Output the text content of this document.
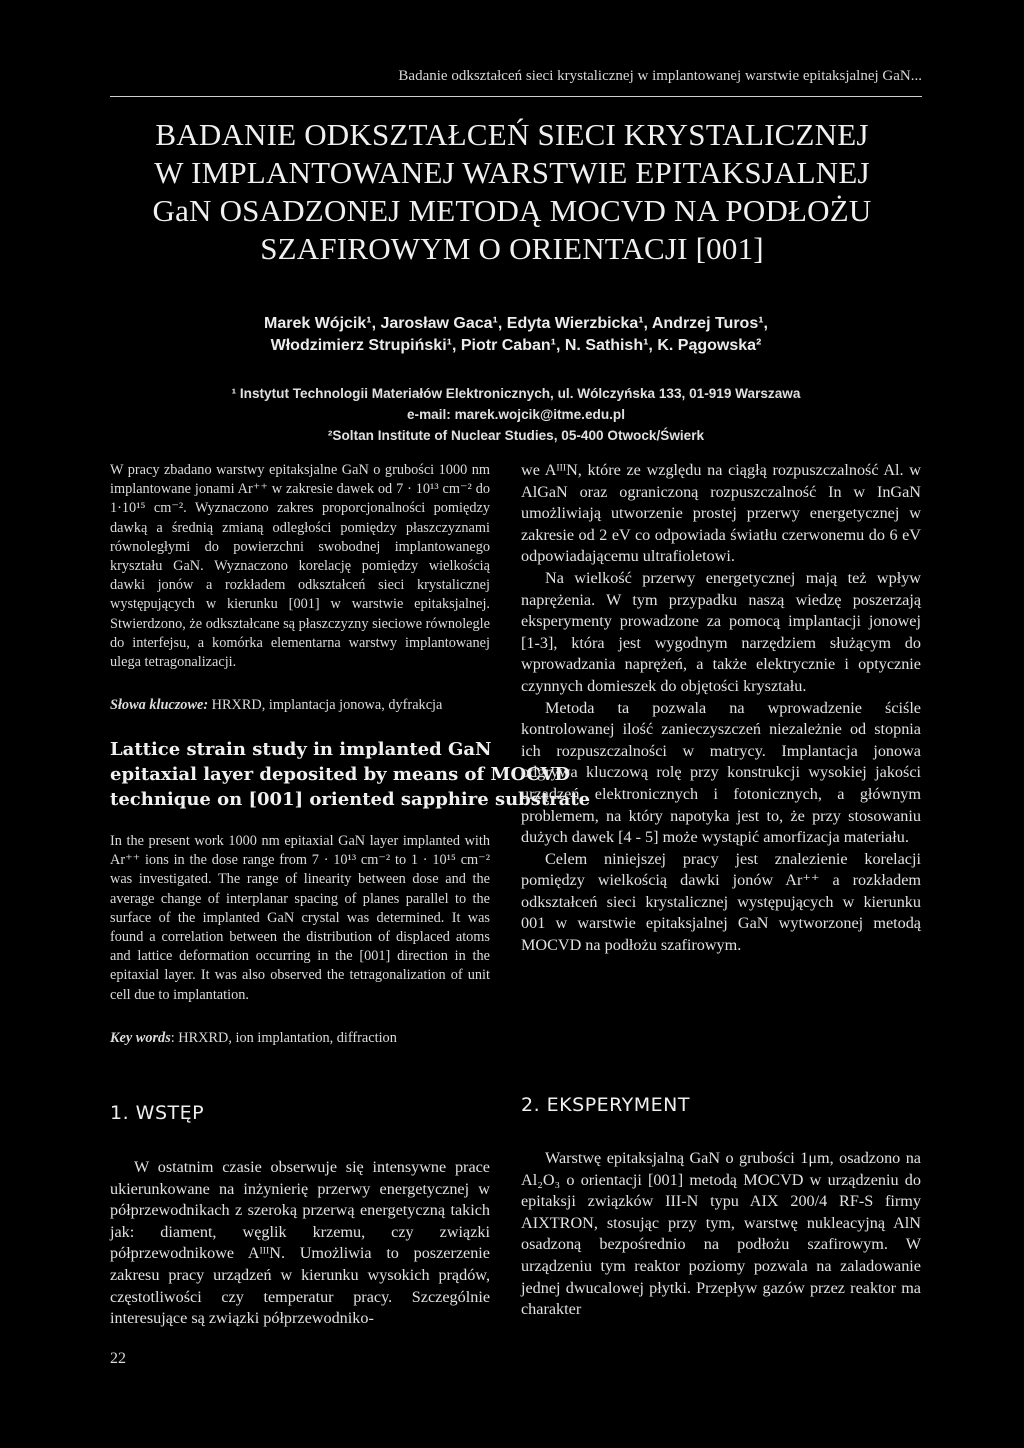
Badanie odkształceń sieci krystalicznej w implantowanej warstwie epitaksjalnej GaN...
BADANIE ODKSZTAŁCEŃ SIECI KRYSTALICZNEJ
W IMPLANTOWANEJ WARSTWIE EPITAKSJALNEJ
GaN OSADZONEJ METODĄ MOCVD NA PODŁOŻU
SZAFIROWYM O ORIENTACJI [001]
Marek Wójcik¹, Jarosław Gaca¹, Edyta Wierzbicka¹, Andrzej Turos¹,
Włodzimierz Strupiński¹, Piotr Caban¹, N. Sathish¹, K. Pągowska²
¹ Instytut Technologii Materiałów Elektronicznych, ul. Wólczyńska 133, 01-919 Warszawa
e-mail: marek.wojcik@itme.edu.pl
²Soltan Institute of Nuclear Studies, 05-400 Otwock/Świerk
W pracy zbadano warstwy epitaksjalne GaN o grubości 1000 nm implantowane jonami Ar⁺⁺ w zakresie dawek od 7 · 10¹³ cm⁻² do 1·10¹⁵ cm⁻². Wyznaczono zakres proporcjonalności pomiędzy dawką a średnią zmianą odległości pomiędzy płaszczyznami równoległymi do powierzchni swobodnej implantowanego kryształu GaN. Wyznaczono korelację pomiędzy wielkością dawki jonów a rozkładem odkształceń sieci krystalicznej występujących w kierunku [001] w warstwie epitaksjalnej. Stwierdzono, że odkształcane są płaszczyzny sieciowe równolegle do interfejsu, a komórka elementarna warstwy implantowanej ulega tetragonalizacji.
Słowa kluczowe: HRXRD, implantacja jonowa, dyfrakcja
Lattice strain study in implanted GaN
epitaxial layer deposited by means of MOCVD
technique on [001] oriented sapphire substrate
In the present work 1000 nm epitaxial GaN layer implanted with Ar⁺⁺ ions in the dose range from 7 · 10¹³ cm⁻² to 1 · 10¹⁵ cm⁻² was investigated. The range of linearity between dose and the average change of interplanar spacing of planes parallel to the surface of the implanted GaN crystal was determined. It was found a correlation between the distribution of displaced atoms and lattice deformation occurring in the [001] direction in the epitaxial layer. It was also observed the tetragonalization of unit cell due to implantation.
Key words: HRXRD, ion implantation, diffraction

we AᴵᴵᴵN, które ze względu na ciągłą rozpuszczalność Al. w AlGaN oraz ograniczoną rozpuszczalność In w InGaN umożliwiają utworzenie prostej przerwy energetycznej w zakresie od 2 eV co odpowiada światłu czerwonemu do 6 eV odpowiadającemu ultrafioletowi.

Na wielkość przerwy energetycznej mają też wpływ naprężenia. W tym przypadku naszą wiedzę poszerzają eksperymenty prowadzone za pomocą implantacji jonowej [1-3], która jest wygodnym narzędziem służącym do wprowadzania naprężeń, a także elektrycznie i optycznie czynnych domieszek do objętości kryształu.

Metoda ta pozwala na wprowadzenie ściśle kontrolowanej ilość zanieczyszczeń niezależnie od stopnia ich rozpuszczalności w matrycy. Implantacja jonowa odgrywa kluczową rolę przy konstrukcji wysokiej jakości urządzeń elektronicznych i fotonicznych, a głównym problemem, na który napotyka jest to, że przy stosowaniu dużych dawek [4 - 5] może wystąpić amorfizacja materiału.

Celem niniejszej pracy jest znalezienie korelacji pomiędzy wielkością dawki jonów Ar⁺⁺ a rozkładem odkształceń sieci krystalicznej występujących w kierunku 001 w warstwie epitaksjalnej GaN wytworzonej metodą MOCVD na podłożu szafirowym.

1. WSTĘP

W ostatnim czasie obserwuje się intensywne prace ukierunkowane na inżynierię przerwy energetycznej w półprzewodnikach z szeroką przerwą energetyczną takich jak: diament, węglik krzemu, czy związki półprzewodnikowe AᴵᴵᴵN. Umożliwia to poszerzenie zakresu pracy urządzeń w kierunku wysokich prądów, częstotliwości czy temperatur pracy. Szczególnie interesujące są związki półprzewodniko-

2. EKSPERYMENT

Warstwę epitaksjalną GaN o grubości 1μm, osadzono na Al₂O₃ o orientacji [001] metodą MOCVD w urządzeniu do epitaksji związków III-N typu AIX 200/4 RF-S firmy AIXTRON, stosując przy tym, warstwę nukleacyjną AlN osadzoną bezpośrednio na podłożu szafirowym. W urządzeniu tym reaktor poziomy pozwala na zaladowanie jednej dwucalowej płytki. Przepływ gazów przez reaktor ma charakter

22
